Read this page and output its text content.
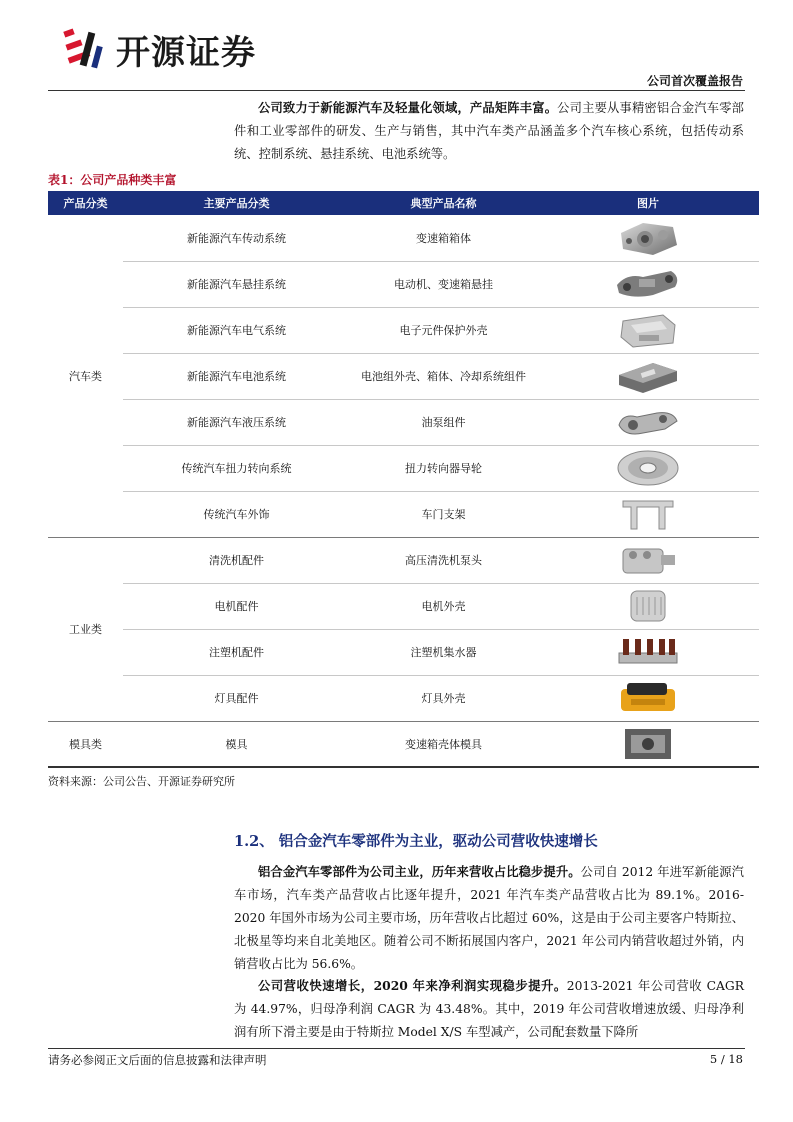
开源证券
公司首次覆盖报告

公司致力于新能源汽车及轻量化领域，产品矩阵丰富。公司主要从事精密铝合金汽车零部件和工业零部件的研发、生产与销售，其中汽车类产品涵盖多个汽车核心系统，包括传动系统、控制系统、悬挂系统、电池系统等。

表1：公司产品种类丰富
产品分类	主要产品分类	典型产品名称	图片
汽车类	新能源汽车传动系统	变速箱箱体	
	新能源汽车悬挂系统	电动机、变速箱悬挂	
	新能源汽车电气系统	电子元件保护外壳	
	新能源汽车电池系统	电池组外壳、箱体、冷却系统组件	
	新能源汽车液压系统	油泵组件	
	传统汽车扭力转向系统	扭力转向器导轮	
	传统汽车外饰	车门支架	
工业类	清洗机配件	高压清洗机泵头	
	电机配件	电机外壳	
	注塑机配件	注塑机集水器	
	灯具配件	灯具外壳	
模具类	模具	变速箱壳体模具	
资料来源：公司公告、开源证券研究所
1.2、 铝合金汽车零部件为主业，驱动公司营收快速增长

铝合金汽车零部件为公司主业，历年来营收占比稳步提升。公司自 2012 年进军新能源汽车市场，汽车类产品营收占比逐年提升，2021 年汽车类产品营收占比为 89.1%。2016-2020 年国外市场为公司主要市场，历年营收占比超过 60%，这是由于公司主要客户特斯拉、北极星等均来自北美地区。随着公司不断拓展国内客户，2021 年公司内销营收超过外销，内销营收占比为 56.6%。

公司营收快速增长，2020 年来净利润实现稳步提升。2013-2021 年公司营收 CAGR 为 44.97%，归母净利润 CAGR 为 43.48%。其中，2019 年公司营收增速放缓、归母净利润有所下滑主要是由于特斯拉 Model X/S 车型减产，公司配套数量下降所

请务必参阅正文后面的信息披露和法律声明	5 / 18
